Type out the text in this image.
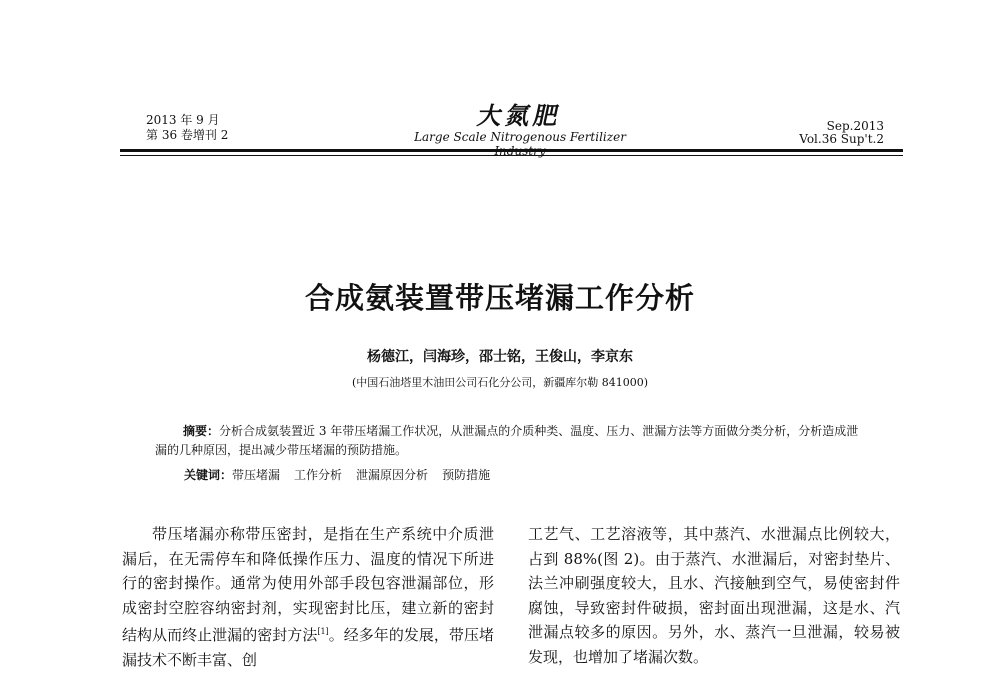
2013 年 9 月
第 36 卷增刊 2
大氮肥
Large Scale Nitrogenous Fertilizer
Sep.2013
Vol.36 Sup't.2
合成氨装置带压堵漏工作分析
杨德江，闫海珍，邵士铭，王俊山，李京东
(中国石油塔里木油田公司石化分公司，新疆库尔勒 841000)
摘要：分析合成氨装置近 3 年带压堵漏工作状况，从泄漏点的介质种类、温度、压力、泄漏方法等方面做分类分析，分析造成泄漏的几种原因，提出减少带压堵漏的预防措施。
关键词：带压堵漏 工作分析 泄漏原因分析 预防措施

带压堵漏亦称带压密封，是指在生产系统中介质泄漏后，在无需停车和降低操作压力、温度的情况下所进行的密封操作。通常为使用外部手段包容泄漏部位，形成密封空腔容纳密封剂，实现密封比压，建立新的密封结构从而终止泄漏的密封方法[1]。经多年的发展，带压堵漏技术不断丰富、创

工艺气、工艺溶液等，其中蒸汽、水泄漏点比例较大，占到 88%(图 2)。由于蒸汽、水泄漏后，对密封垫片、法兰冲刷强度较大，且水、汽接触到空气，易使密封件腐蚀，导致密封件破损，密封面出现泄漏，这是水、汽泄漏点较多的原因。另外，水、蒸汽一旦泄漏，较易被发现，也增加了堵漏次数。
